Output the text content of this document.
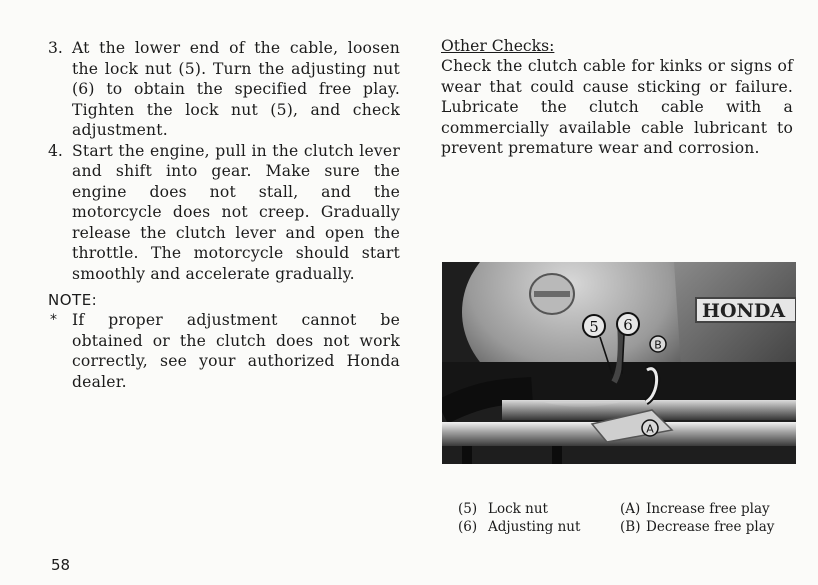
3. At the lower end of the cable, loosen the lock nut (5). Turn the adjusting nut (6) to obtain the specified free play. Tighten the lock nut (5), and check adjustment.
4. Start the engine, pull in the clutch lever and shift into gear. Make sure the engine does not stall, and the motorcycle does not creep. Gradually release the clutch lever and open the throttle. The motorcycle should start smoothly and accelerate gradually.
NOTE:
* If proper adjustment cannot be obtained or the clutch does not work correctly, see your authorized Honda dealer.
Other Checks:
Check the clutch cable for kinks or signs of wear that could cause sticking or failure. Lubricate the clutch cable with a commercially available cable lubricant to prevent premature wear and corrosion.
HONDA
5 6
B
A
(5) Lock nut
(6) Adjusting nut
(A) Increase free play
(B) Decrease free play
58
